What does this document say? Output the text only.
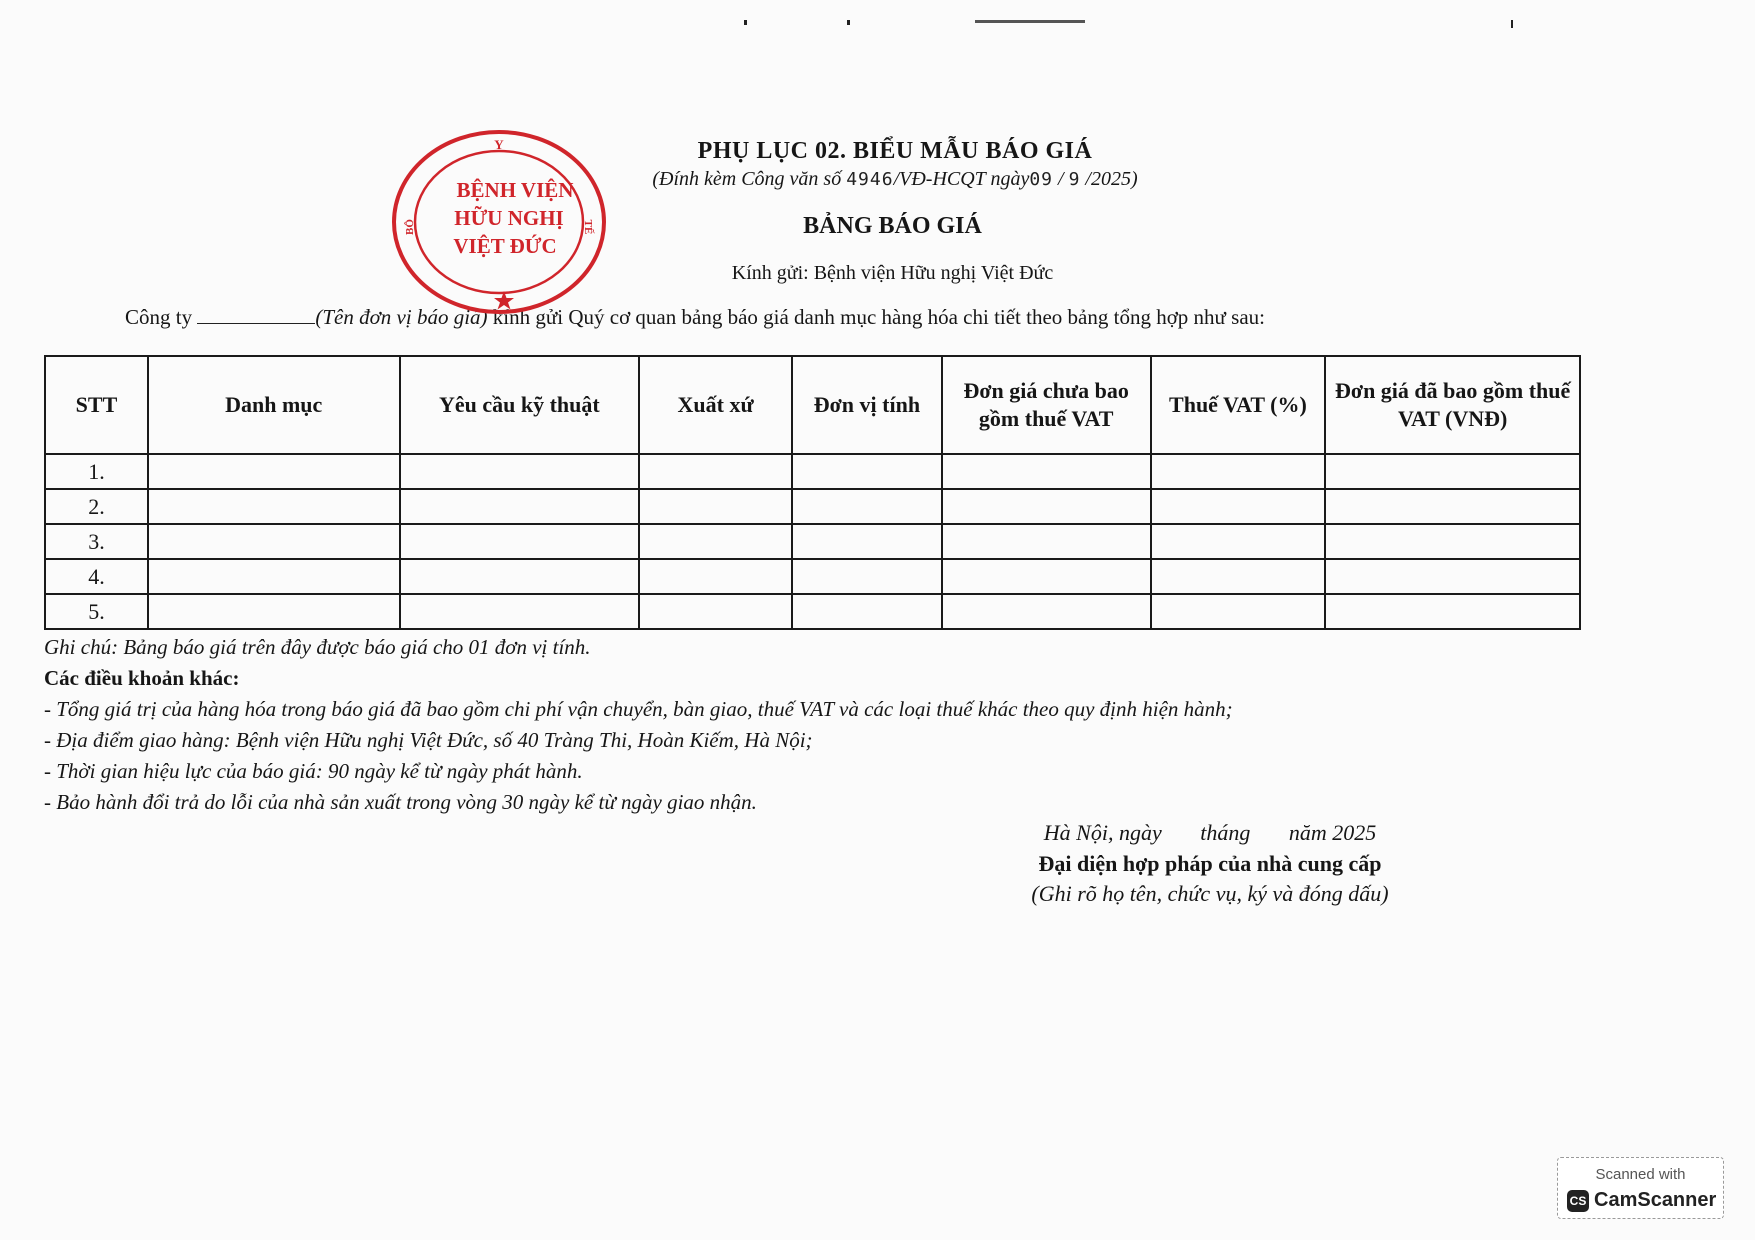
PHỤ LỤC 02. BIỂU MẪU BÁO GIÁ
(Đính kèm Công văn số 4946/VĐ-HCQT ngày09 / 9 /2025)
BẢNG BÁO GIÁ
Kính gửi: Bệnh viện Hữu nghị Việt Đức
Công ty	(Tên đơn vị báo giá) kính gửi Quý cơ quan bảng báo giá danh mục hàng hóa chi tiết theo bảng tổng hợp như sau:
Y
BỘ	TẾ
BỆNH VIỆN
HỮU NGHỊ
VIỆT ĐỨC
STT	Danh mục	Yêu cầu kỹ thuật	Xuất xứ	Đơn vị tính	Đơn giá chưa bao gồm thuế VAT	Thuế VAT (%)	Đơn giá đã bao gồm thuế VAT (VNĐ)
1.							
2.							
3.							
4.							
5.							
Ghi chú: Bảng báo giá trên đây được báo giá cho 01 đơn vị tính.
Các điều khoản khác:
- Tổng giá trị của hàng hóa trong báo giá đã bao gồm chi phí vận chuyển, bàn giao, thuế VAT và các loại thuế khác theo quy định hiện hành;
- Địa điểm giao hàng: Bệnh viện Hữu nghị Việt Đức, số 40 Tràng Thi, Hoàn Kiếm, Hà Nội;
- Thời gian hiệu lực của báo giá: 90 ngày kể từ ngày phát hành.
- Bảo hành đổi trả do lỗi của nhà sản xuất trong vòng 30 ngày kể từ ngày giao nhận.
Hà Nội, ngày       tháng       năm 2025
Đại diện hợp pháp của nhà cung cấp
(Ghi rõ họ tên, chức vụ, ký và đóng dấu)
Scanned with
CS CamScanner
